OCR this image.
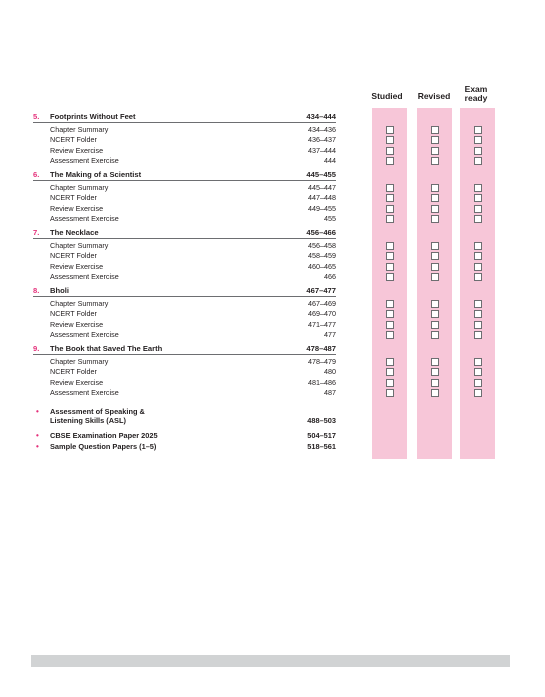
Studied	Revised
Exam
ready
5. Footprints Without Feet	434–444
Chapter Summary	434–436
NCERT Folder	436–437
Review Exercise	437–444
Assessment Exercise	444
6. The Making of a Scientist	445–455
Chapter Summary	445–447
NCERT Folder	447–448
Review Exercise	449–455
Assessment Exercise	455
7. The Necklace	456–466
Chapter Summary	456–458
NCERT Folder	458–459
Review Exercise	460–465
Assessment Exercise	466
8. Bholi	467–477
Chapter Summary	467–469
NCERT Folder	469–470
Review Exercise	471–477
Assessment Exercise	477
9. The Book that Saved The Earth	478–487
Chapter Summary	478–479
NCERT Folder	480
Review Exercise	481–486
Assessment Exercise	487
• Assessment of Speaking &
Listening Skills (ASL)	488–503
• CBSE Examination Paper 2025	504–517
• Sample Question Papers (1–5)	518–561
